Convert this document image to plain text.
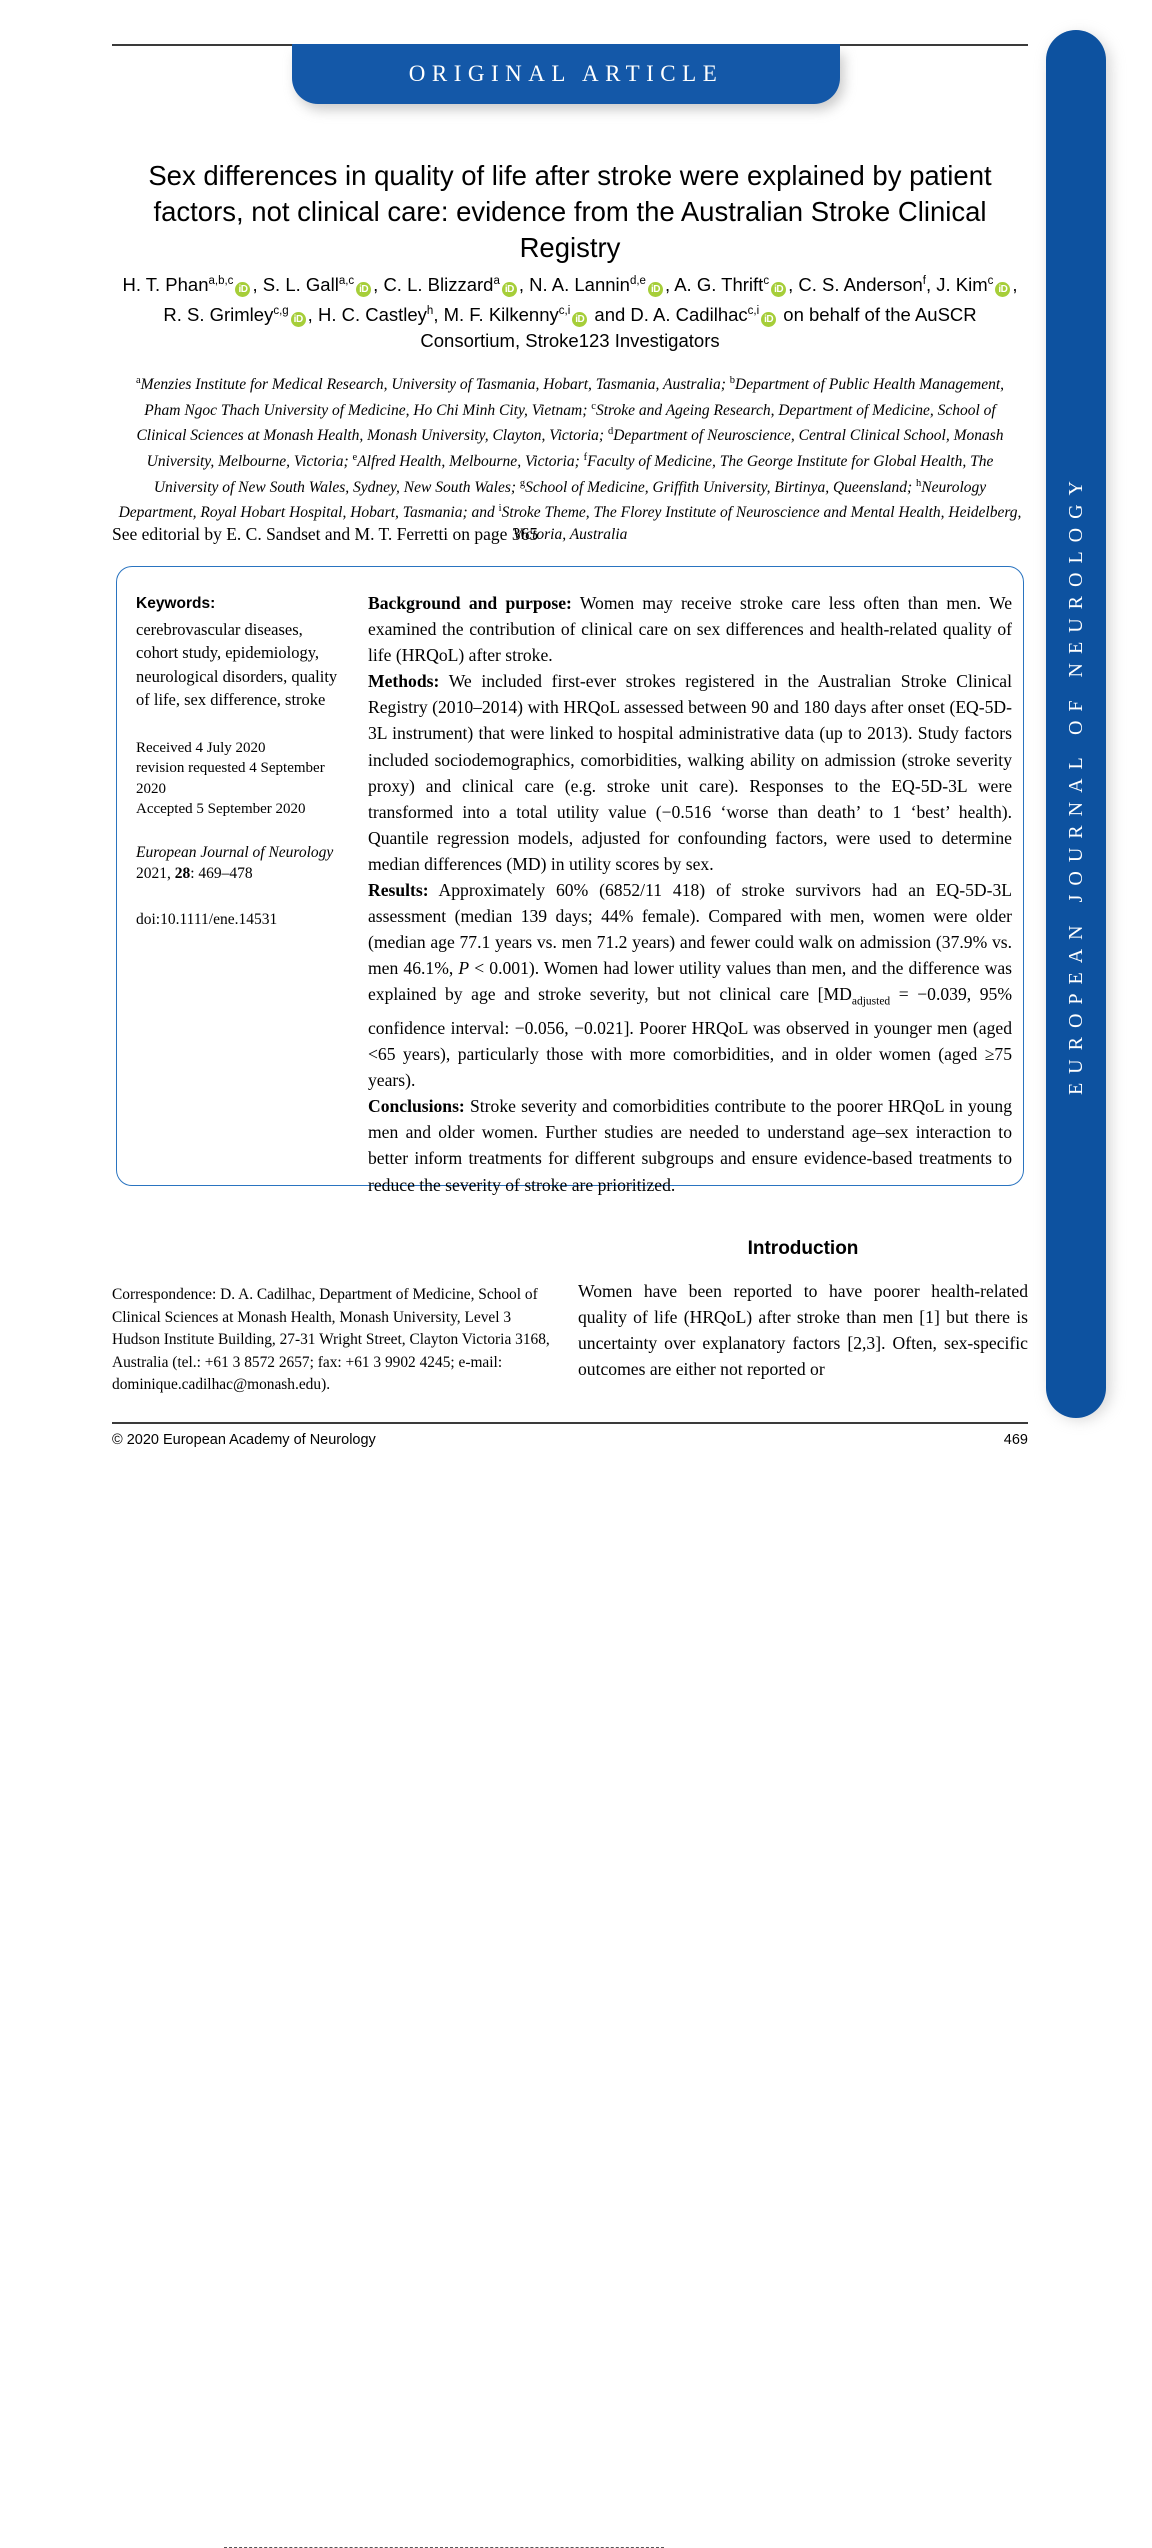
EUROPEAN JOURNAL OF NEUROLOGY
ORIGINAL ARTICLE
Sex differences in quality of life after stroke were explained by patient factors, not clinical care: evidence from the Australian Stroke Clinical Registry
H. T. Phan$^{a,b,c}$iD , S. L. Gall$^{a,c}$iD , C. L. Blizzard$^a$iD , N. A. Lannin$^{d,e}$iD , A. G. Thrift$^c$iD , C. S. Anderson$^f$, J. Kim$^c$iD , R. S. Grimley$^{c,g}$iD , H. C. Castley$^h$, M. F. Kilkenny$^{c,i}$iD and D. A. Cadilhac$^{c,i}$iD on behalf of the AuSCR Consortium, Stroke123 Investigators
$^a$Menzies Institute for Medical Research, University of Tasmania, Hobart, Tasmania, Australia; $^b$Department of Public Health Management, Pham Ngoc Thach University of Medicine, Ho Chi Minh City, Vietnam; $^c$Stroke and Ageing Research, Department of Medicine, School of Clinical Sciences at Monash Health, Monash University, Clayton, Victoria; $^d$Department of Neuroscience, Central Clinical School, Monash University, Melbourne, Victoria; $^e$Alfred Health, Melbourne, Victoria; $^f$Faculty of Medicine, The George Institute for Global Health, The University of New South Wales, Sydney, New South Wales; $^g$School of Medicine, Griffith University, Birtinya, Queensland; $^h$Neurology Department, Royal Hobart Hospital, Hobart, Tasmania; and $^i$Stroke Theme, The Florey Institute of Neuroscience and Mental Health, Heidelberg, Victoria, Australia
See editorial by E. C. Sandset and M. T. Ferretti on page 365
Keywords:
cerebrovascular diseases, cohort study, epidemiology, neurological disorders, quality of life, sex difference, stroke
Received 4 July 2020
revision requested 4 September 2020
Accepted 5 September 2020
European Journal of Neurology 2021, 28: 469–478
doi:10.1111/ene.14531

Background and purpose: Women may receive stroke care less often than men. We examined the contribution of clinical care on sex differences and health-related quality of life (HRQoL) after stroke.

Methods: We included first-ever strokes registered in the Australian Stroke Clinical Registry (2010–2014) with HRQoL assessed between 90 and 180 days after onset (EQ-5D-3L instrument) that were linked to hospital administrative data (up to 2013). Study factors included sociodemographics, comorbidities, walking ability on admission (stroke severity proxy) and clinical care (e.g. stroke unit care). Responses to the EQ-5D-3L were transformed into a total utility value (−0.516 ‘worse than death’ to 1 ‘best’ health). Quantile regression models, adjusted for confounding factors, were used to determine median differences (MD) in utility scores by sex.

Results: Approximately 60% (6852/11 418) of stroke survivors had an EQ-5D-3L assessment (median 139 days; 44% female). Compared with men, women were older (median age 77.1 years vs. men 71.2 years) and fewer could walk on admission (37.9% vs. men 46.1%, P < 0.001). Women had lower utility values than men, and the difference was explained by age and stroke severity, but not clinical care [$MD_{adjusted} = -0.039$, 95% confidence interval: −0.056, −0.021]. Poorer HRQoL was observed in younger men (aged <65 years), particularly those with more comorbidities, and in older women (aged ≥75 years).

Conclusions: Stroke severity and comorbidities contribute to the poorer HRQoL in young men and older women. Further studies are needed to understand age–sex interaction to better inform treatments for different subgroups and ensure evidence-based treatments to reduce the severity of stroke are prioritized.

Correspondence: D. A. Cadilhac, Department of Medicine, School of Clinical Sciences at Monash Health, Monash University, Level 3 Hudson Institute Building, 27-31 Wright Street, Clayton Victoria 3168, Australia (tel.: +61 3 8572 2657; fax: +61 3 9902 4245; e-mail: dominique.cadilhac@monash.edu).
Introduction
Women have been reported to have poorer health-related quality of life (HRQoL) after stroke than men [1] but there is uncertainty over explanatory factors [2,3]. Often, sex-specific outcomes are either not reported or
© 2020 European Academy of Neurology	469
